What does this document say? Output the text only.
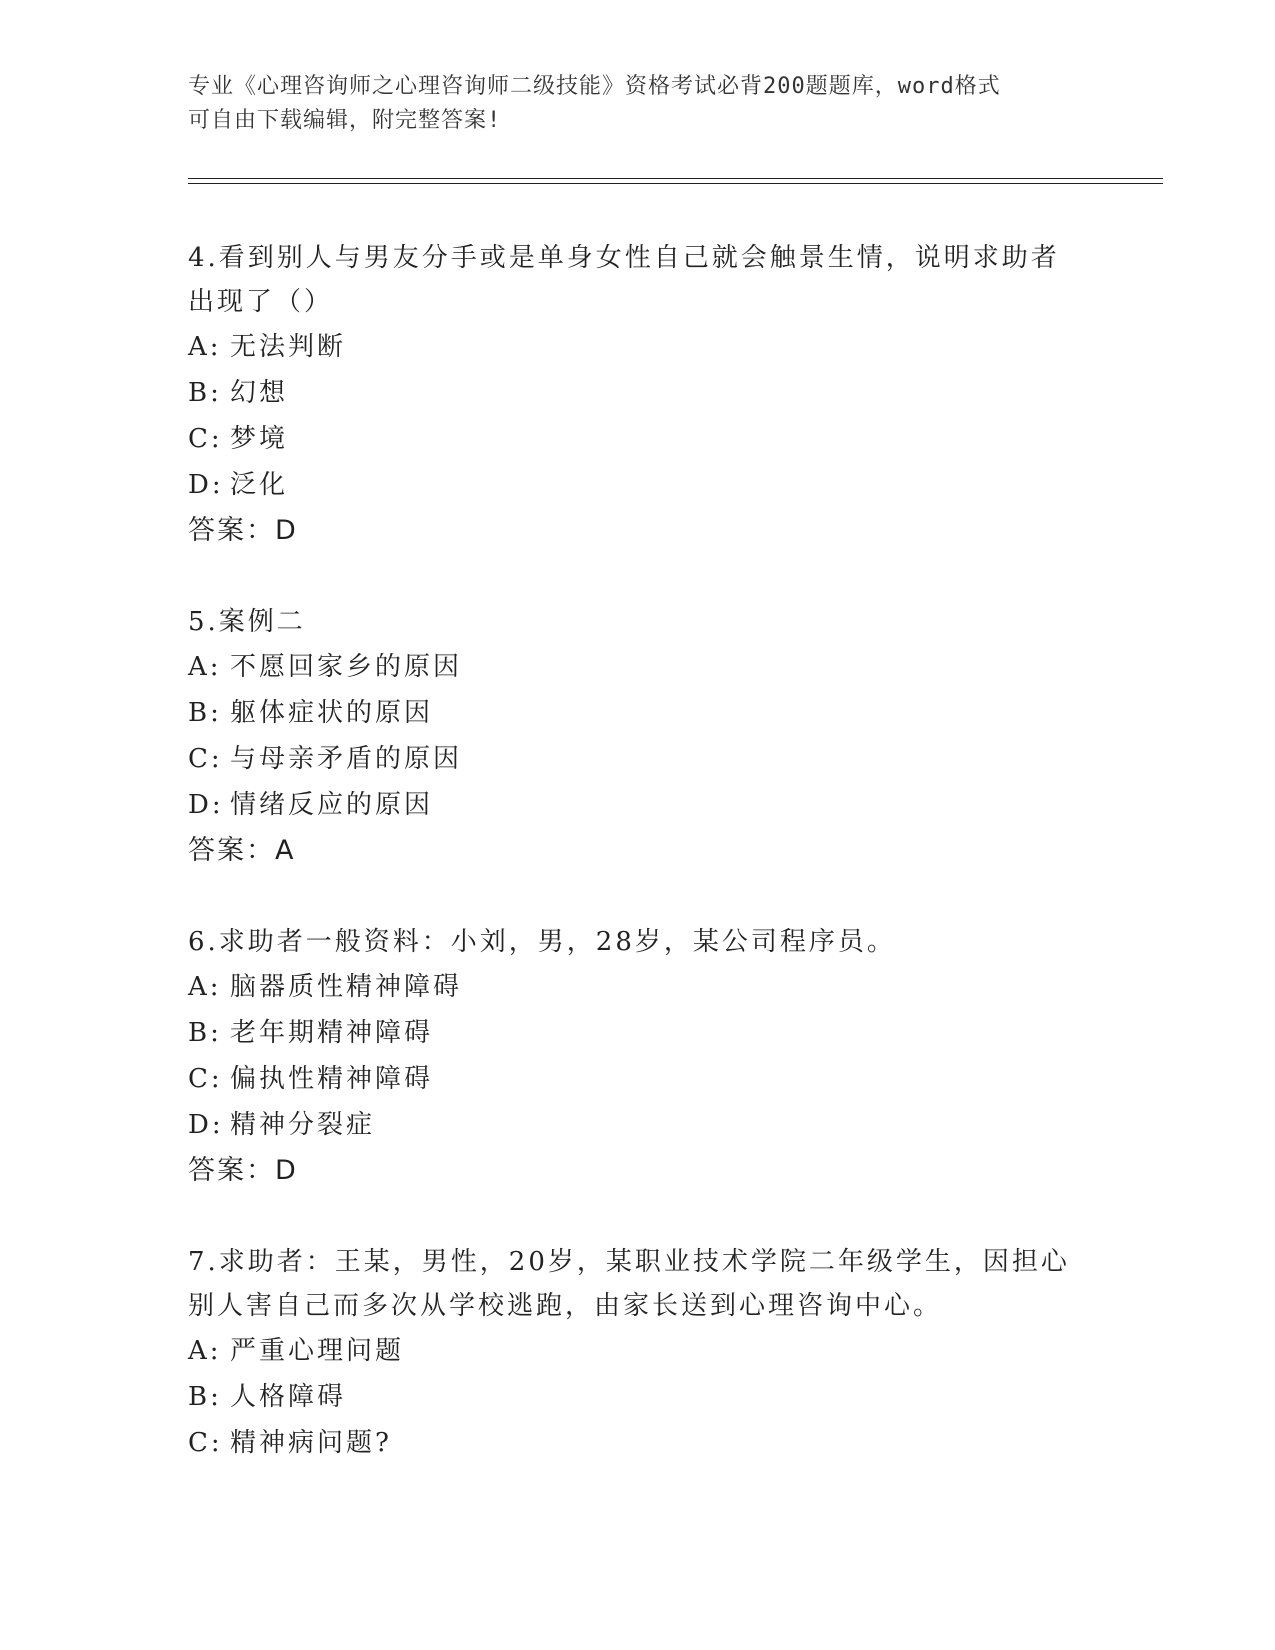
专业《心理咨询师之心理咨询师二级技能》资格考试必背200题题库，word格式
可自由下载编辑，附完整答案!
4.看到别人与男友分手或是单身女性自己就会触景生情，说明求助者
出现了（）
A: 无法判断
B: 幻想
C: 梦境
D: 泛化
答案：D
5.案例二
A: 不愿回家乡的原因
B: 躯体症状的原因
C: 与母亲矛盾的原因
D: 情绪反应的原因
答案：A
6.求助者一般资料：小刘，男，28岁，某公司程序员。
A: 脑器质性精神障碍
B: 老年期精神障碍
C: 偏执性精神障碍
D: 精神分裂症
答案：D
7.求助者：王某，男性，20岁，某职业技术学院二年级学生，因担心
别人害自己而多次从学校逃跑，由家长送到心理咨询中心。
A: 严重心理问题
B: 人格障碍
C: 精神病问题?
